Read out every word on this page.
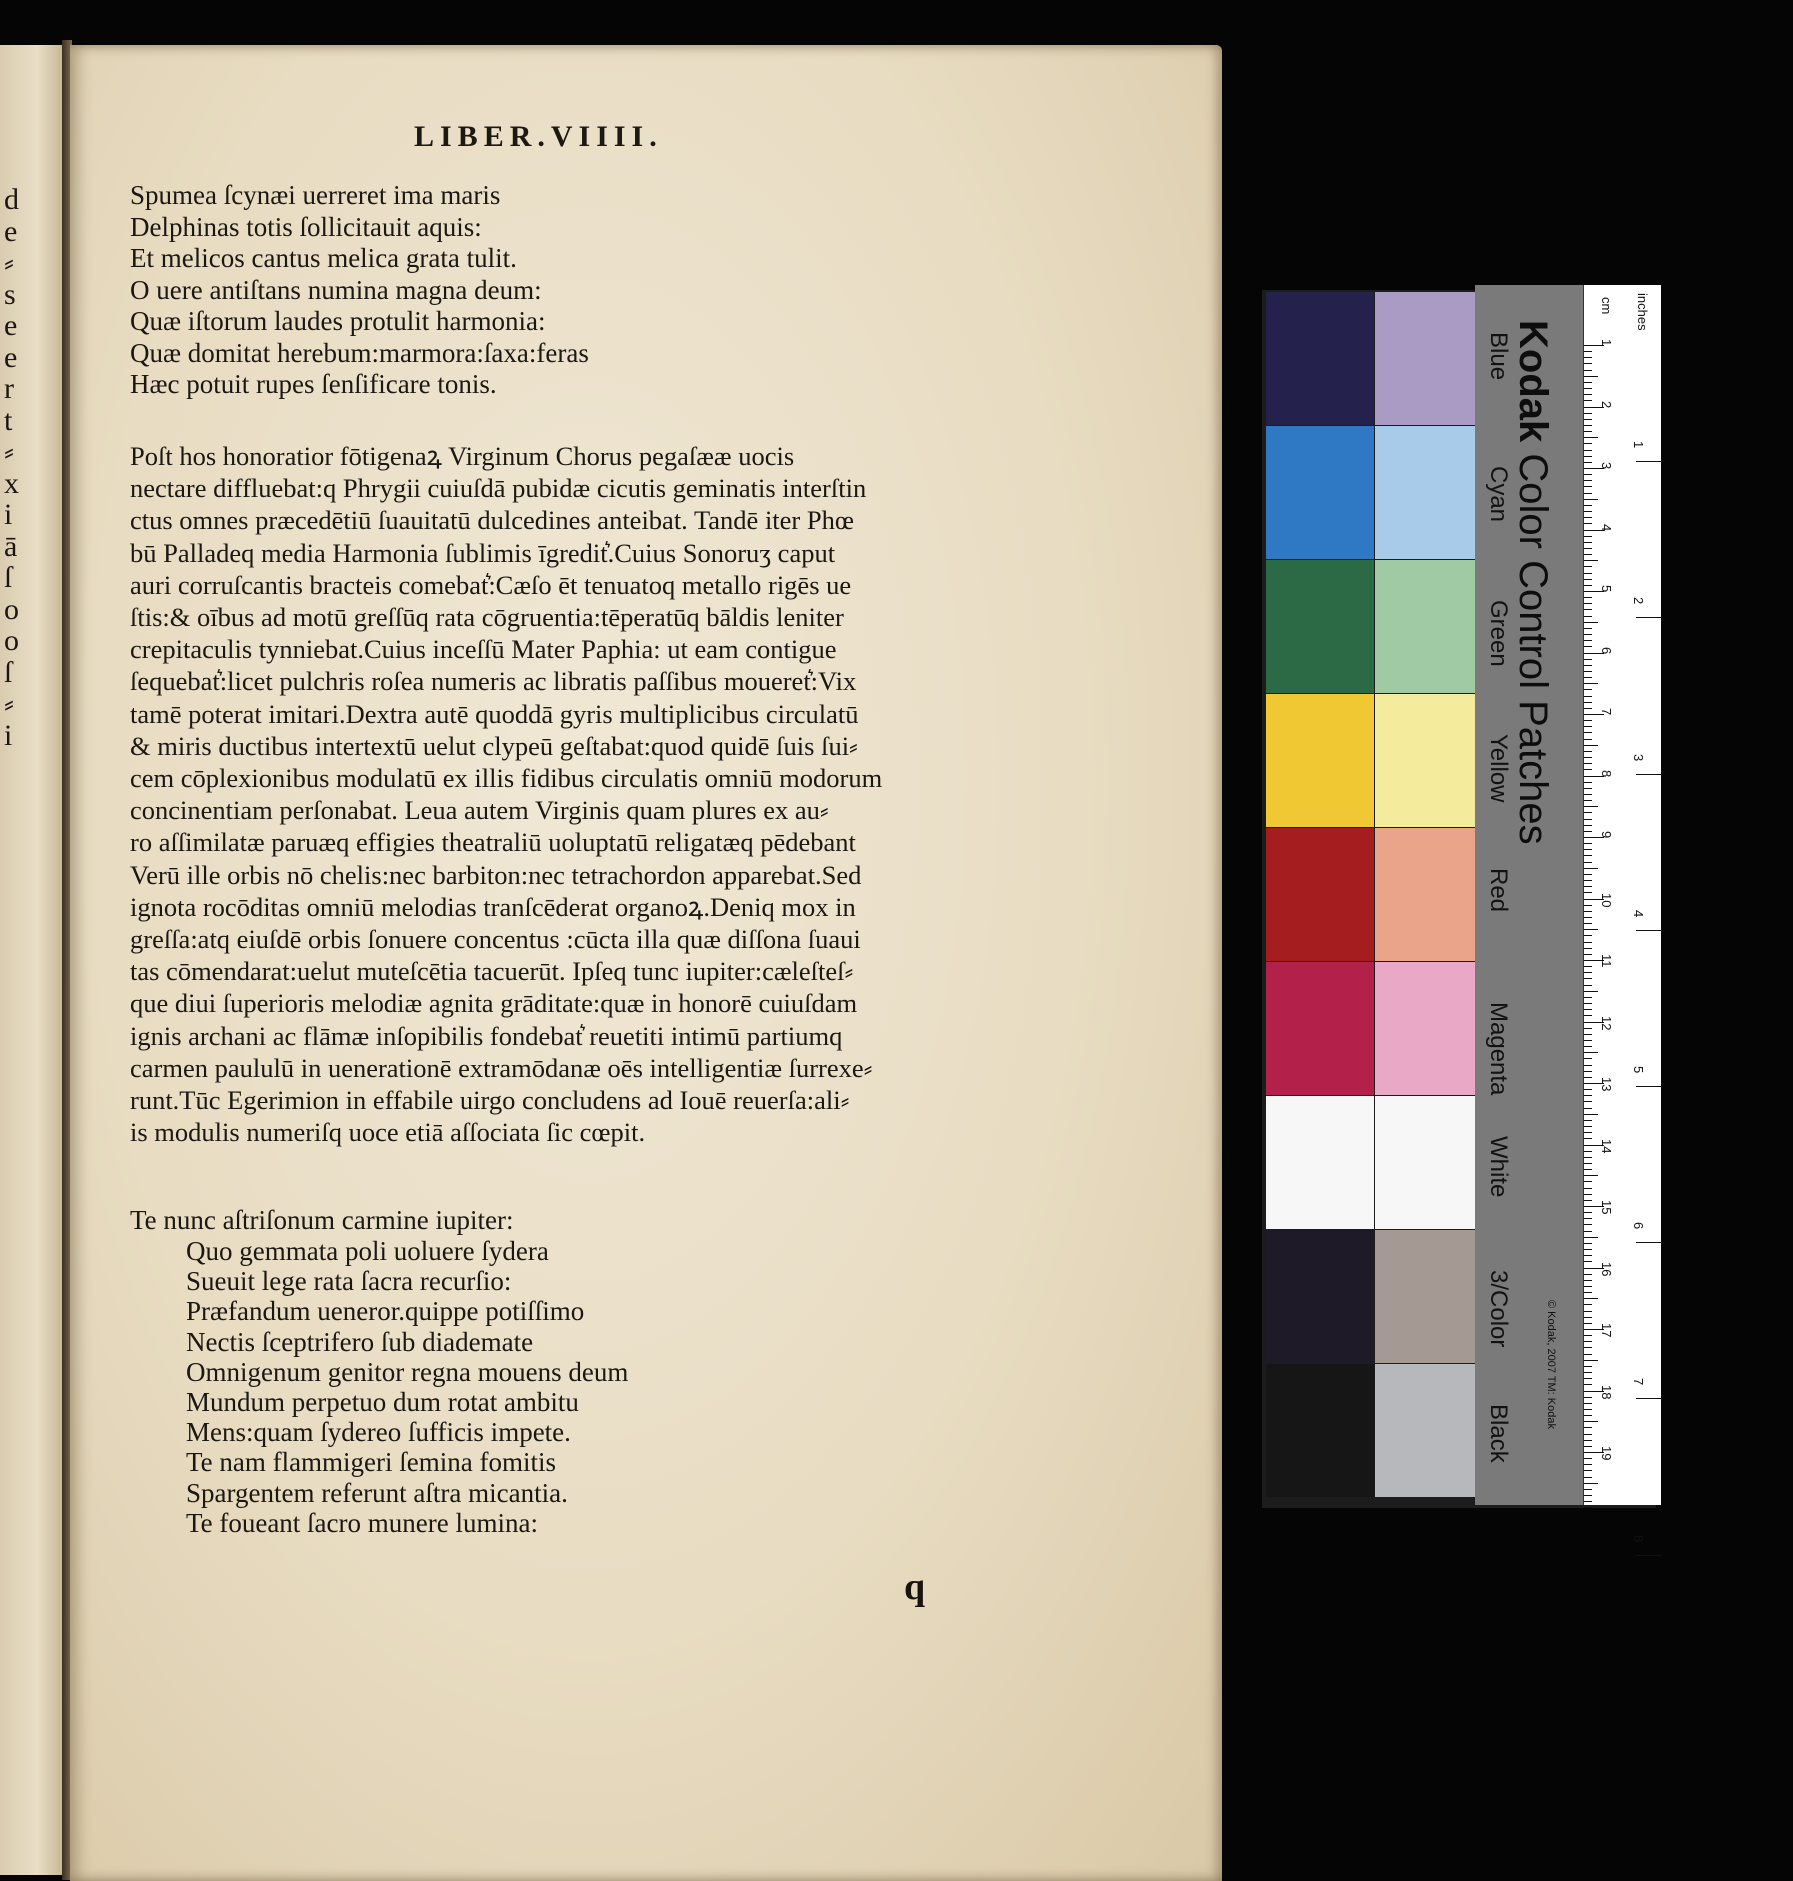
d
e
⸗
s
e
e
r
t
⸗
x
i
ā
ſ
o
o
ſ
⸗
i
LIBER.VIIII.
Spumea ſcynæi uerreret ima maris
Delphinas totis ſollicitauit aquis:
Et melicos cantus melica grata tulit.
O uere antiſtans numina magna deum:
Quæ iſtorum laudes protulit harmonia:
Quæ domitat herebum:marmora:ſaxa:feras
Hæc potuit rupes ſenſificare tonis.
Poſt hos honoratior fōtigenaꝝ Virginum Chorus pegaſææ uocis
nectare diffluebat:q Phrygii cuiuſdā pubidæ cicutis geminatis interſtin
ctus omnes præcedētiū ſuauitatū dulcedines anteibat. Tandē iter Phœ
bū Palladeq media Harmonia ſublimis īgredit͛.Cuius Sonoruʒ caput
auri corruſcantis bracteis comebat͛:Cæſo ēt tenuatoq metallo rigēs ue
ſtis:& oībus ad motū greſſūq rata cōgruentia:tēperatūq bāldis leniter
crepitaculis tynniebat.Cuius inceſſū Mater Paphia: ut eam contigue
ſequebat͛:licet pulchris roſea numeris ac libratis paſſibus moueret͛:Vix
tamē poterat imitari.Dextra autē quoddā gyris multiplicibus circulatū
& miris ductibus intertextū uelut clypeū geſtabat:quod quidē ſuis ſui⸗
cem cōplexionibus modulatū ex illis fidibus circulatis omniū modorum
concinentiam perſonabat. Leua autem Virginis quam plures ex au⸗
ro aſſimilatæ paruæq effigies theatraliū uoluptatū religatæq pēdebant
Verū ille orbis nō chelis:nec barbiton:nec tetrachordon apparebat.Sed
ignota rocōditas omniū melodias tranſcēderat organoꝝ.Deniq mox in
greſſa:atq eiuſdē orbis ſonuere concentus :cūcta illa quæ diſſona ſuaui
tas cōmendarat:uelut muteſcētia tacuerūt. Ipſeq tunc iupiter:cæleſteſ⸗
que diui ſuperioris melodiæ agnita grāditate:quæ in honorē cuiuſdam
ignis archani ac flāmæ inſopibilis fondebat͛ reuetiti intimū partiumq
carmen paululū in uenerationē extramōdanæ oēs intelligentiæ ſurrexe⸗
runt.Tūc Egerimion in effabile uirgo concludens ad Iouē reuerſa:ali⸗
is modulis numeriſq uoce etiā aſſociata ſic cœpit.
Te nunc aſtriſonum carmine iupiter:
Quo gemmata poli uoluere ſydera
Sueuit lege rata ſacra recurſio:
Præfandum ueneror.quippe potiſſimo
Nectis ſceptrifero ſub diademate
Omnigenum genitor regna mouens deum
Mundum perpetuo dum rotat ambitu
Mens:quam ſydereo ſufficis impete.
Te nam flammigeri ſemina fomitis
Spargentem referunt aſtra micantia.
Te foueant ſacro munere lumina:
q
Kodak Color Control Patches
Blue
Cyan
Green
Yellow
Red
Magenta
White
3/Color
Black
1
2
3
4
5
6
7
8
9
10
11
12
13
14
15
16
17
18
19
1
2
3
4
5
6
7
8
cm inches
© Kodak, 2007 TM: Kodak
